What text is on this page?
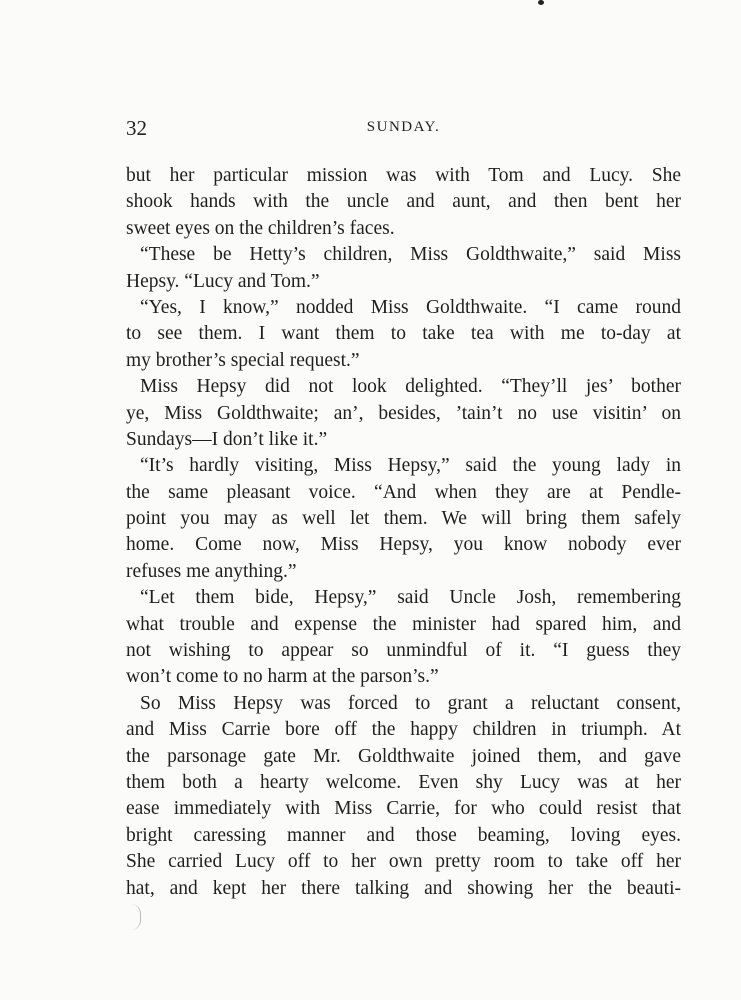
32	SUNDAY.
but her particular mission was with Tom and Lucy. She
shook hands with the uncle and aunt, and then bent her
sweet eyes on the children’s faces.
“These be Hetty’s children, Miss Goldthwaite,” said Miss
Hepsy. “Lucy and Tom.”
“Yes, I know,” nodded Miss Goldthwaite. “I came round
to see them. I want them to take tea with me to-day at
my brother’s special request.”
Miss Hepsy did not look delighted. “They’ll jes’ bother
ye, Miss Goldthwaite; an’, besides, ’tain’t no use visitin’ on
Sundays—I don’t like it.”
“It’s hardly visiting, Miss Hepsy,” said the young lady in
the same pleasant voice. “And when they are at Pendle-
point you may as well let them. We will bring them safely
home. Come now, Miss Hepsy, you know nobody ever
refuses me anything.”
“Let them bide, Hepsy,” said Uncle Josh, remembering
what trouble and expense the minister had spared him, and
not wishing to appear so unmindful of it. “I guess they
won’t come to no harm at the parson’s.”
So Miss Hepsy was forced to grant a reluctant consent,
and Miss Carrie bore off the happy children in triumph. At
the parsonage gate Mr. Goldthwaite joined them, and gave
them both a hearty welcome. Even shy Lucy was at her
ease immediately with Miss Carrie, for who could resist that
bright caressing manner and those beaming, loving eyes.
She carried Lucy off to her own pretty room to take off her
hat, and kept her there talking and showing her the beauti-
